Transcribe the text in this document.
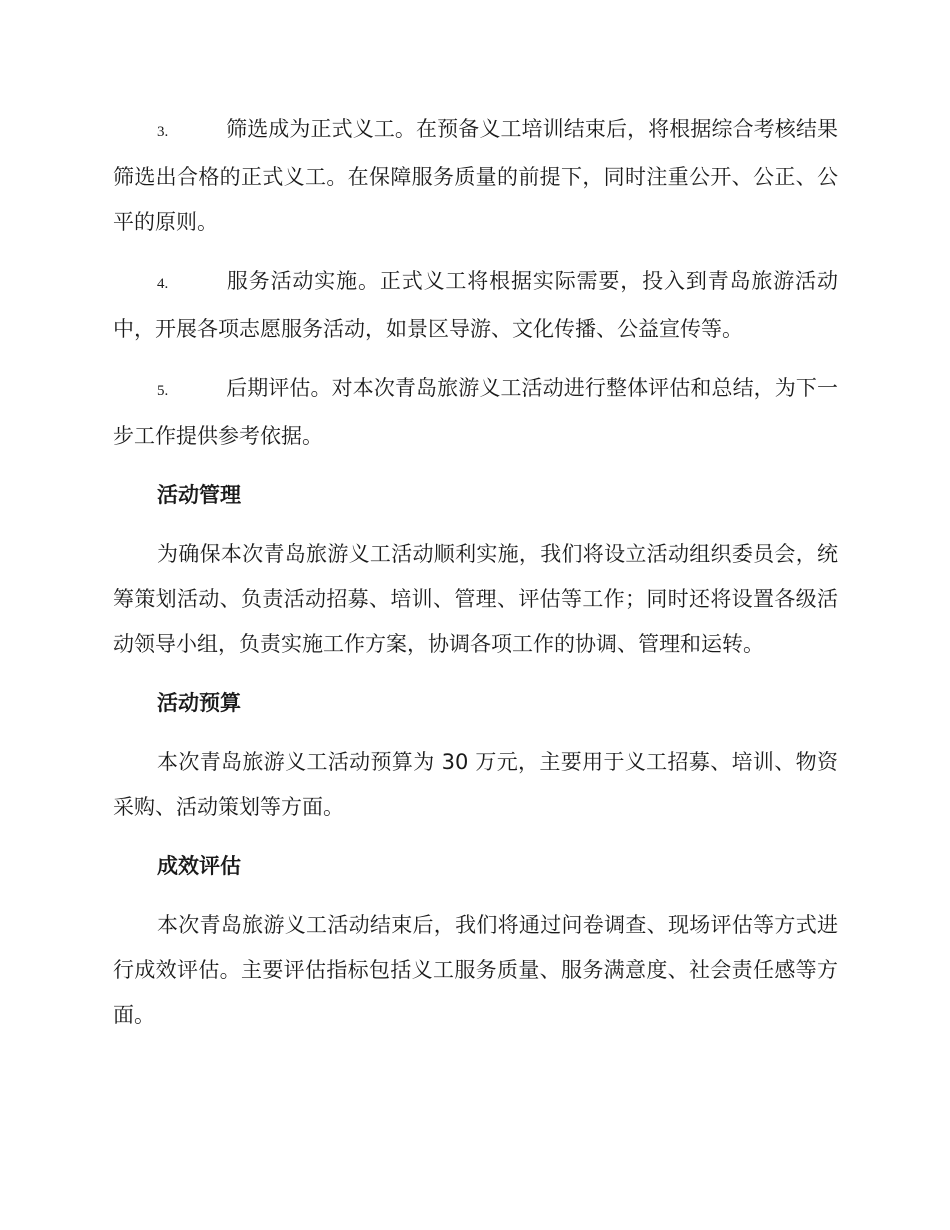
3.	筛选成为正式义工。在预备义工培训结束后，将根据综合考核结果筛选出合格的正式义工。在保障服务质量的前提下，同时注重公开、公正、公平的原则。

4.	服务活动实施。正式义工将根据实际需要，投入到青岛旅游活动中，开展各项志愿服务活动，如景区导游、文化传播、公益宣传等。

5.	后期评估。对本次青岛旅游义工活动进行整体评估和总结，为下一步工作提供参考依据。

活动管理

为确保本次青岛旅游义工活动顺利实施，我们将设立活动组织委员会，统筹策划活动、负责活动招募、培训、管理、评估等工作；同时还将设置各级活动领导小组，负责实施工作方案，协调各项工作的协调、管理和运转。

活动预算

本次青岛旅游义工活动预算为 30 万元，主要用于义工招募、培训、物资采购、活动策划等方面。

成效评估

本次青岛旅游义工活动结束后，我们将通过问卷调查、现场评估等方式进行成效评估。主要评估指标包括义工服务质量、服务满意度、社会责任感等方面。
